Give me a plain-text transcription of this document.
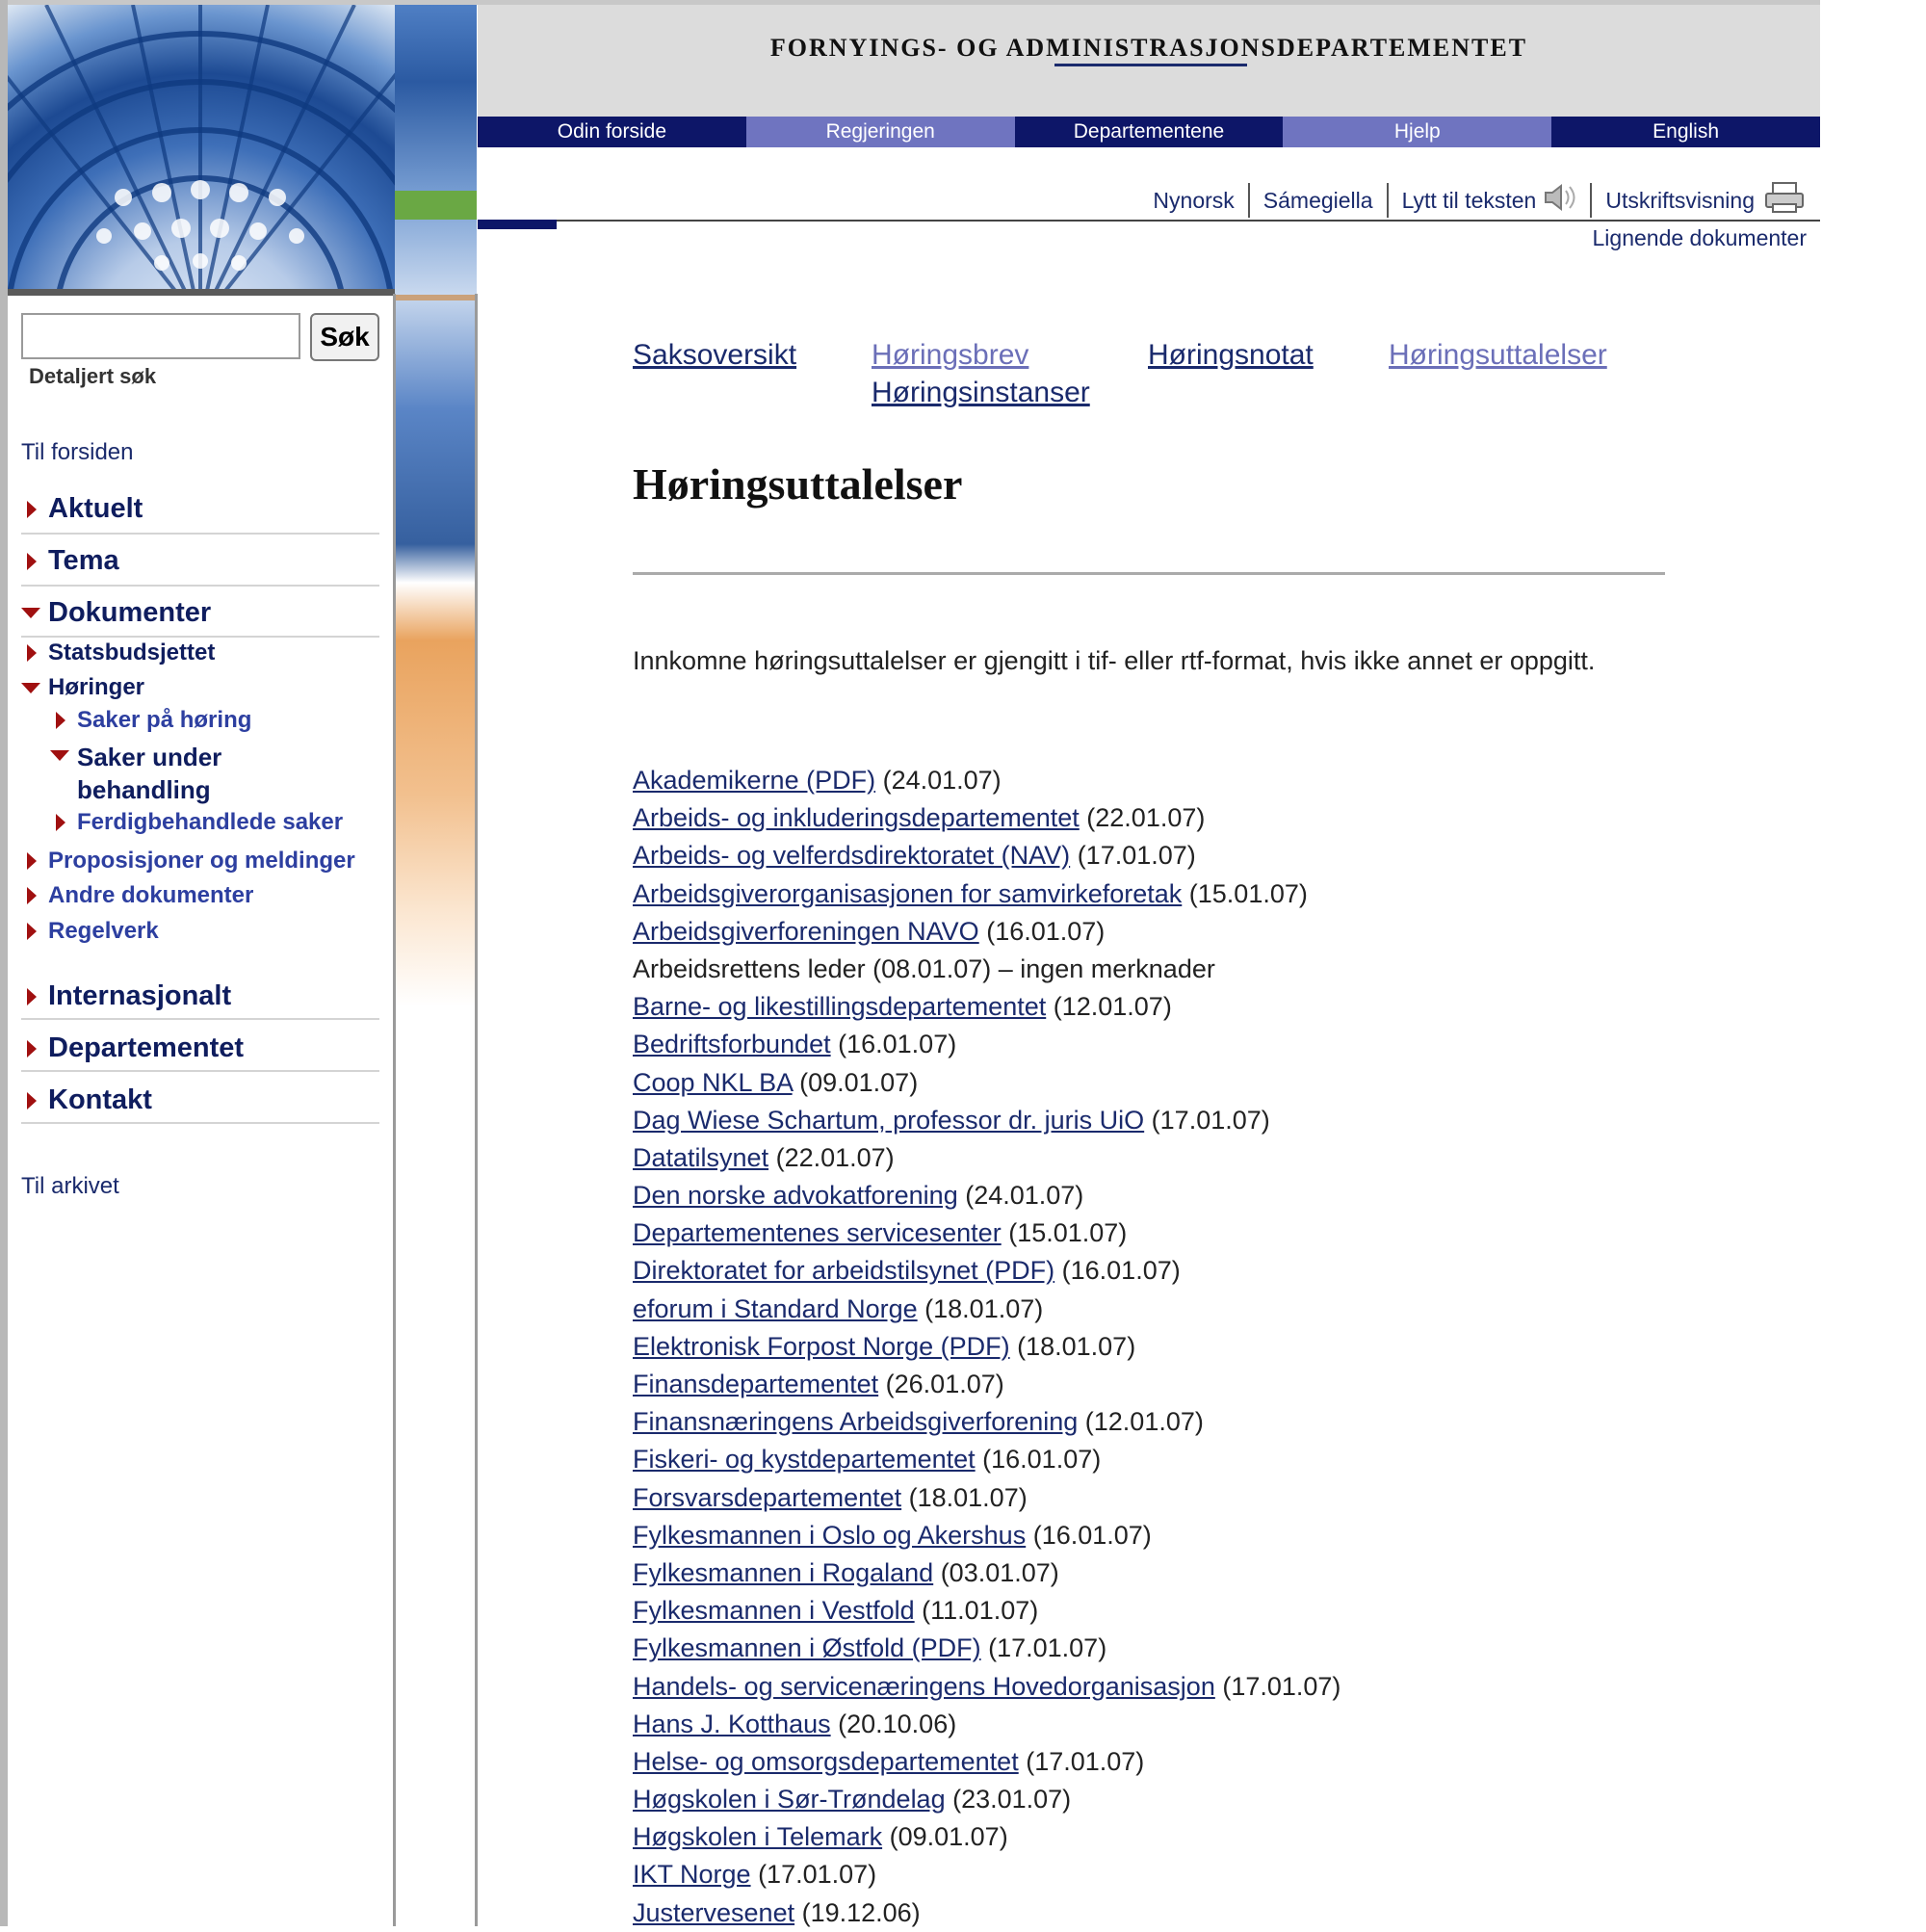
FORNYINGS- OG ADMINISTRASJONSDEPARTEMENTET
Odin forside	Regjeringen	Departementene	Hjelp	English
Nynorsk	Sámegiella	Lytt til teksten	Utskriftsvisning
Lignende dokumenter
Søk
Detaljert søk
Til forsiden
Aktuelt
Tema
Dokumenter
Statsbudsjettet
Høringer
Saker på høring
Saker under behandling
Ferdigbehandlede saker
Proposisjoner og meldinger
Andre dokumenter
Regelverk
Internasjonalt
Departementet
Kontakt
Til arkivet
Saksoversikt	Høringsbrev	Høringsnotat	Høringsuttalelser
Høringsinstanser
Høringsuttalelser

Innkomne høringsuttalelser er gjengitt i tif- eller rtf-format, hvis ikke annet er oppgitt.

Akademikerne (PDF) (24.01.07)
Arbeids- og inkluderingsdepartementet (22.01.07)
Arbeids- og velferdsdirektoratet (NAV) (17.01.07)
Arbeidsgiverorganisasjonen for samvirkeforetak (15.01.07)
Arbeidsgiverforeningen NAVO (16.01.07)
Arbeidsrettens leder (08.01.07) – ingen merknader
Barne- og likestillingsdepartementet (12.01.07)
Bedriftsforbundet (16.01.07)
Coop NKL BA (09.01.07)
Dag Wiese Schartum, professor dr. juris UiO (17.01.07)
Datatilsynet (22.01.07)
Den norske advokatforening (24.01.07)
Departementenes servicesenter (15.01.07)
Direktoratet for arbeidstilsynet (PDF) (16.01.07)
eforum i Standard Norge (18.01.07)
Elektronisk Forpost Norge (PDF) (18.01.07)
Finansdepartementet (26.01.07)
Finansnæringens Arbeidsgiverforening (12.01.07)
Fiskeri- og kystdepartementet (16.01.07)
Forsvarsdepartementet (18.01.07)
Fylkesmannen i Oslo og Akershus (16.01.07)
Fylkesmannen i Rogaland (03.01.07)
Fylkesmannen i Vestfold (11.01.07)
Fylkesmannen i Østfold (PDF) (17.01.07)
Handels- og servicenæringens Hovedorganisasjon (17.01.07)
Hans J. Kotthaus (20.10.06)
Helse- og omsorgsdepartementet (17.01.07)
Høgskolen i Sør-Trøndelag (23.01.07)
Høgskolen i Telemark (09.01.07)
IKT Norge (17.01.07)
Justervesenet (19.12.06)
